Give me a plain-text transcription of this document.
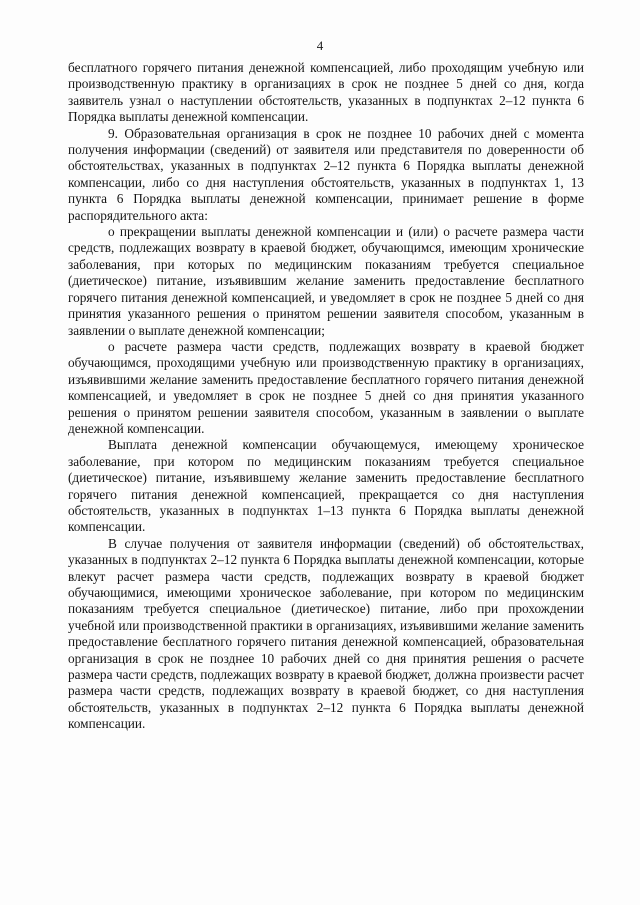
4

бесплатного горячего питания денежной компенсацией, либо проходящим учебную или производственную практику в организациях в срок не позднее 5 дней со дня, когда заявитель узнал о наступлении обстоятельств, указанных в подпунктах 2–12 пункта 6 Порядка выплаты денежной компенсации.

9. Образовательная организация в срок не позднее 10 рабочих дней с момента получения информации (сведений) от заявителя или представителя по доверенности об обстоятельствах, указанных в подпунктах 2–12 пункта 6 Порядка выплаты денежной компенсации, либо со дня наступления обстоятельств, указанных в подпунктах 1, 13 пункта 6 Порядка выплаты денежной компенсации, принимает решение в форме распорядительного акта:

о прекращении выплаты денежной компенсации и (или) о расчете размера части средств, подлежащих возврату в краевой бюджет, обучающимся, имеющим хронические заболевания, при которых по медицинским показаниям требуется специальное (диетическое) питание, изъявившим желание заменить предоставление бесплатного горячего питания денежной компенсацией, и уведомляет в срок не позднее 5 дней со дня принятия указанного решения о принятом решении заявителя способом, указанным в заявлении о выплате денежной компенсации;

о расчете размера части средств, подлежащих возврату в краевой бюджет обучающимся, проходящими учебную или производственную практику в организациях, изъявившими желание заменить предоставление бесплатного горячего питания денежной компенсацией, и уведомляет в срок не позднее 5 дней со дня принятия указанного решения о принятом решении заявителя способом, указанным в заявлении о выплате денежной компенсации.

Выплата денежной компенсации обучающемуся, имеющему хроническое заболевание, при котором по медицинским показаниям требуется специальное (диетическое) питание, изъявившему желание заменить предоставление бесплатного горячего питания денежной компенсацией, прекращается со дня наступления обстоятельств, указанных в подпунктах 1–13 пункта 6 Порядка выплаты денежной компенсации.

В случае получения от заявителя информации (сведений) об обстоятельствах, указанных в подпунктах 2–12 пункта 6 Порядка выплаты денежной компенсации, которые влекут расчет размера части средств, подлежащих возврату в краевой бюджет обучающимися, имеющими хроническое заболевание, при котором по медицинским показаниям требуется специальное (диетическое) питание, либо при прохождении учебной или производственной практики в организациях, изъявившими желание заменить предоставление бесплатного горячего питания денежной компенсацией, образовательная организация в срок не позднее 10 рабочих дней со дня принятия решения о расчете размера части средств, подлежащих возврату в краевой бюджет, должна произвести расчет размера части средств, подлежащих возврату в краевой бюджет, со дня наступления обстоятельств, указанных в подпунктах 2–12 пункта 6 Порядка выплаты денежной компенсации.
